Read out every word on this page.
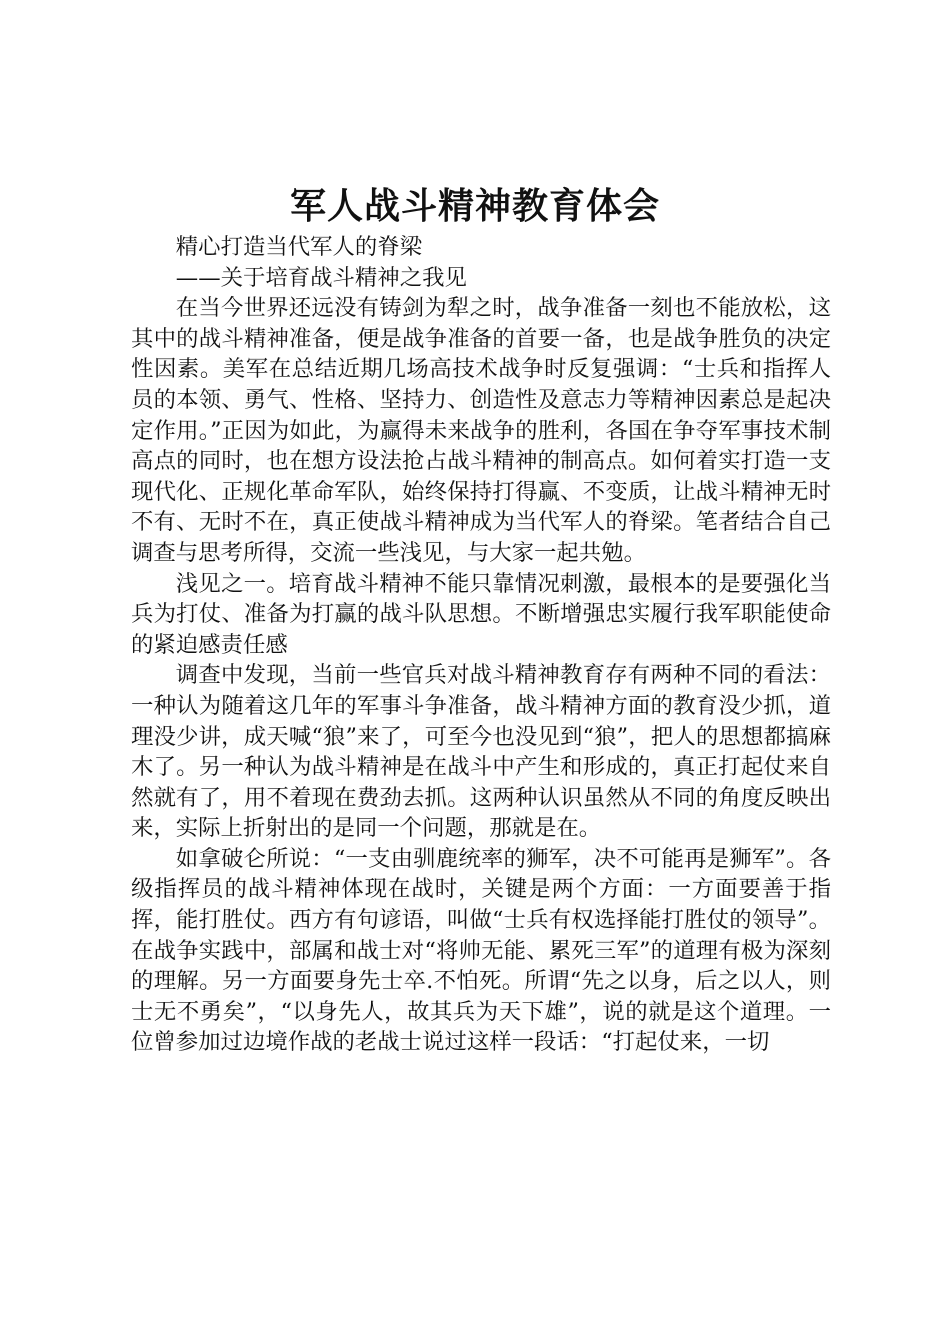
军人战斗精神教育体会

精心打造当代军人的脊梁

——关于培育战斗精神之我见

在当今世界还远没有铸剑为犁之时，战争准备一刻也不能放松，这其中的战斗精神准备，便是战争准备的首要一备，也是战争胜负的决定性因素。美军在总结近期几场高技术战争时反复强调：“士兵和指挥人员的本领、勇气、性格、坚持力、创造性及意志力等精神因素总是起决定作用。”正因为如此，为赢得未来战争的胜利，各国在争夺军事技术制高点的同时，也在想方设法抢占战斗精神的制高点。如何着实打造一支现代化、正规化革命军队，始终保持打得赢、不变质，让战斗精神无时不有、无时不在，真正使战斗精神成为当代军人的脊梁。笔者结合自己调查与思考所得，交流一些浅见，与大家一起共勉。

浅见之一。培育战斗精神不能只靠情况刺激，最根本的是要强化当兵为打仗、准备为打赢的战斗队思想。不断增强忠实履行我军职能使命的紧迫感责任感

调查中发现，当前一些官兵对战斗精神教育存有两种不同的看法：一种认为随着这几年的军事斗争准备，战斗精神方面的教育没少抓，道理没少讲，成天喊“狼”来了，可至今也没见到“狼”，把人的思想都搞麻木了。另一种认为战斗精神是在战斗中产生和形成的，真正打起仗来自然就有了，用不着现在费劲去抓。这两种认识虽然从不同的角度反映出来，实际上折射出的是同一个问题，那就是在。

如拿破仑所说：“一支由驯鹿统率的狮军，决不可能再是狮军”。各级指挥员的战斗精神体现在战时，关键是两个方面：一方面要善于指挥，能打胜仗。西方有句谚语，叫做“士兵有权选择能打胜仗的领导”。在战争实践中，部属和战士对“将帅无能、累死三军”的道理有极为深刻的理解。另一方面要身先士卒.不怕死。所谓“先之以身，后之以人，则士无不勇矣”，“以身先人，故其兵为天下雄”，说的就是这个道理。一位曾参加过边境作战的老战士说过这样一段话：“打起仗来，一切
